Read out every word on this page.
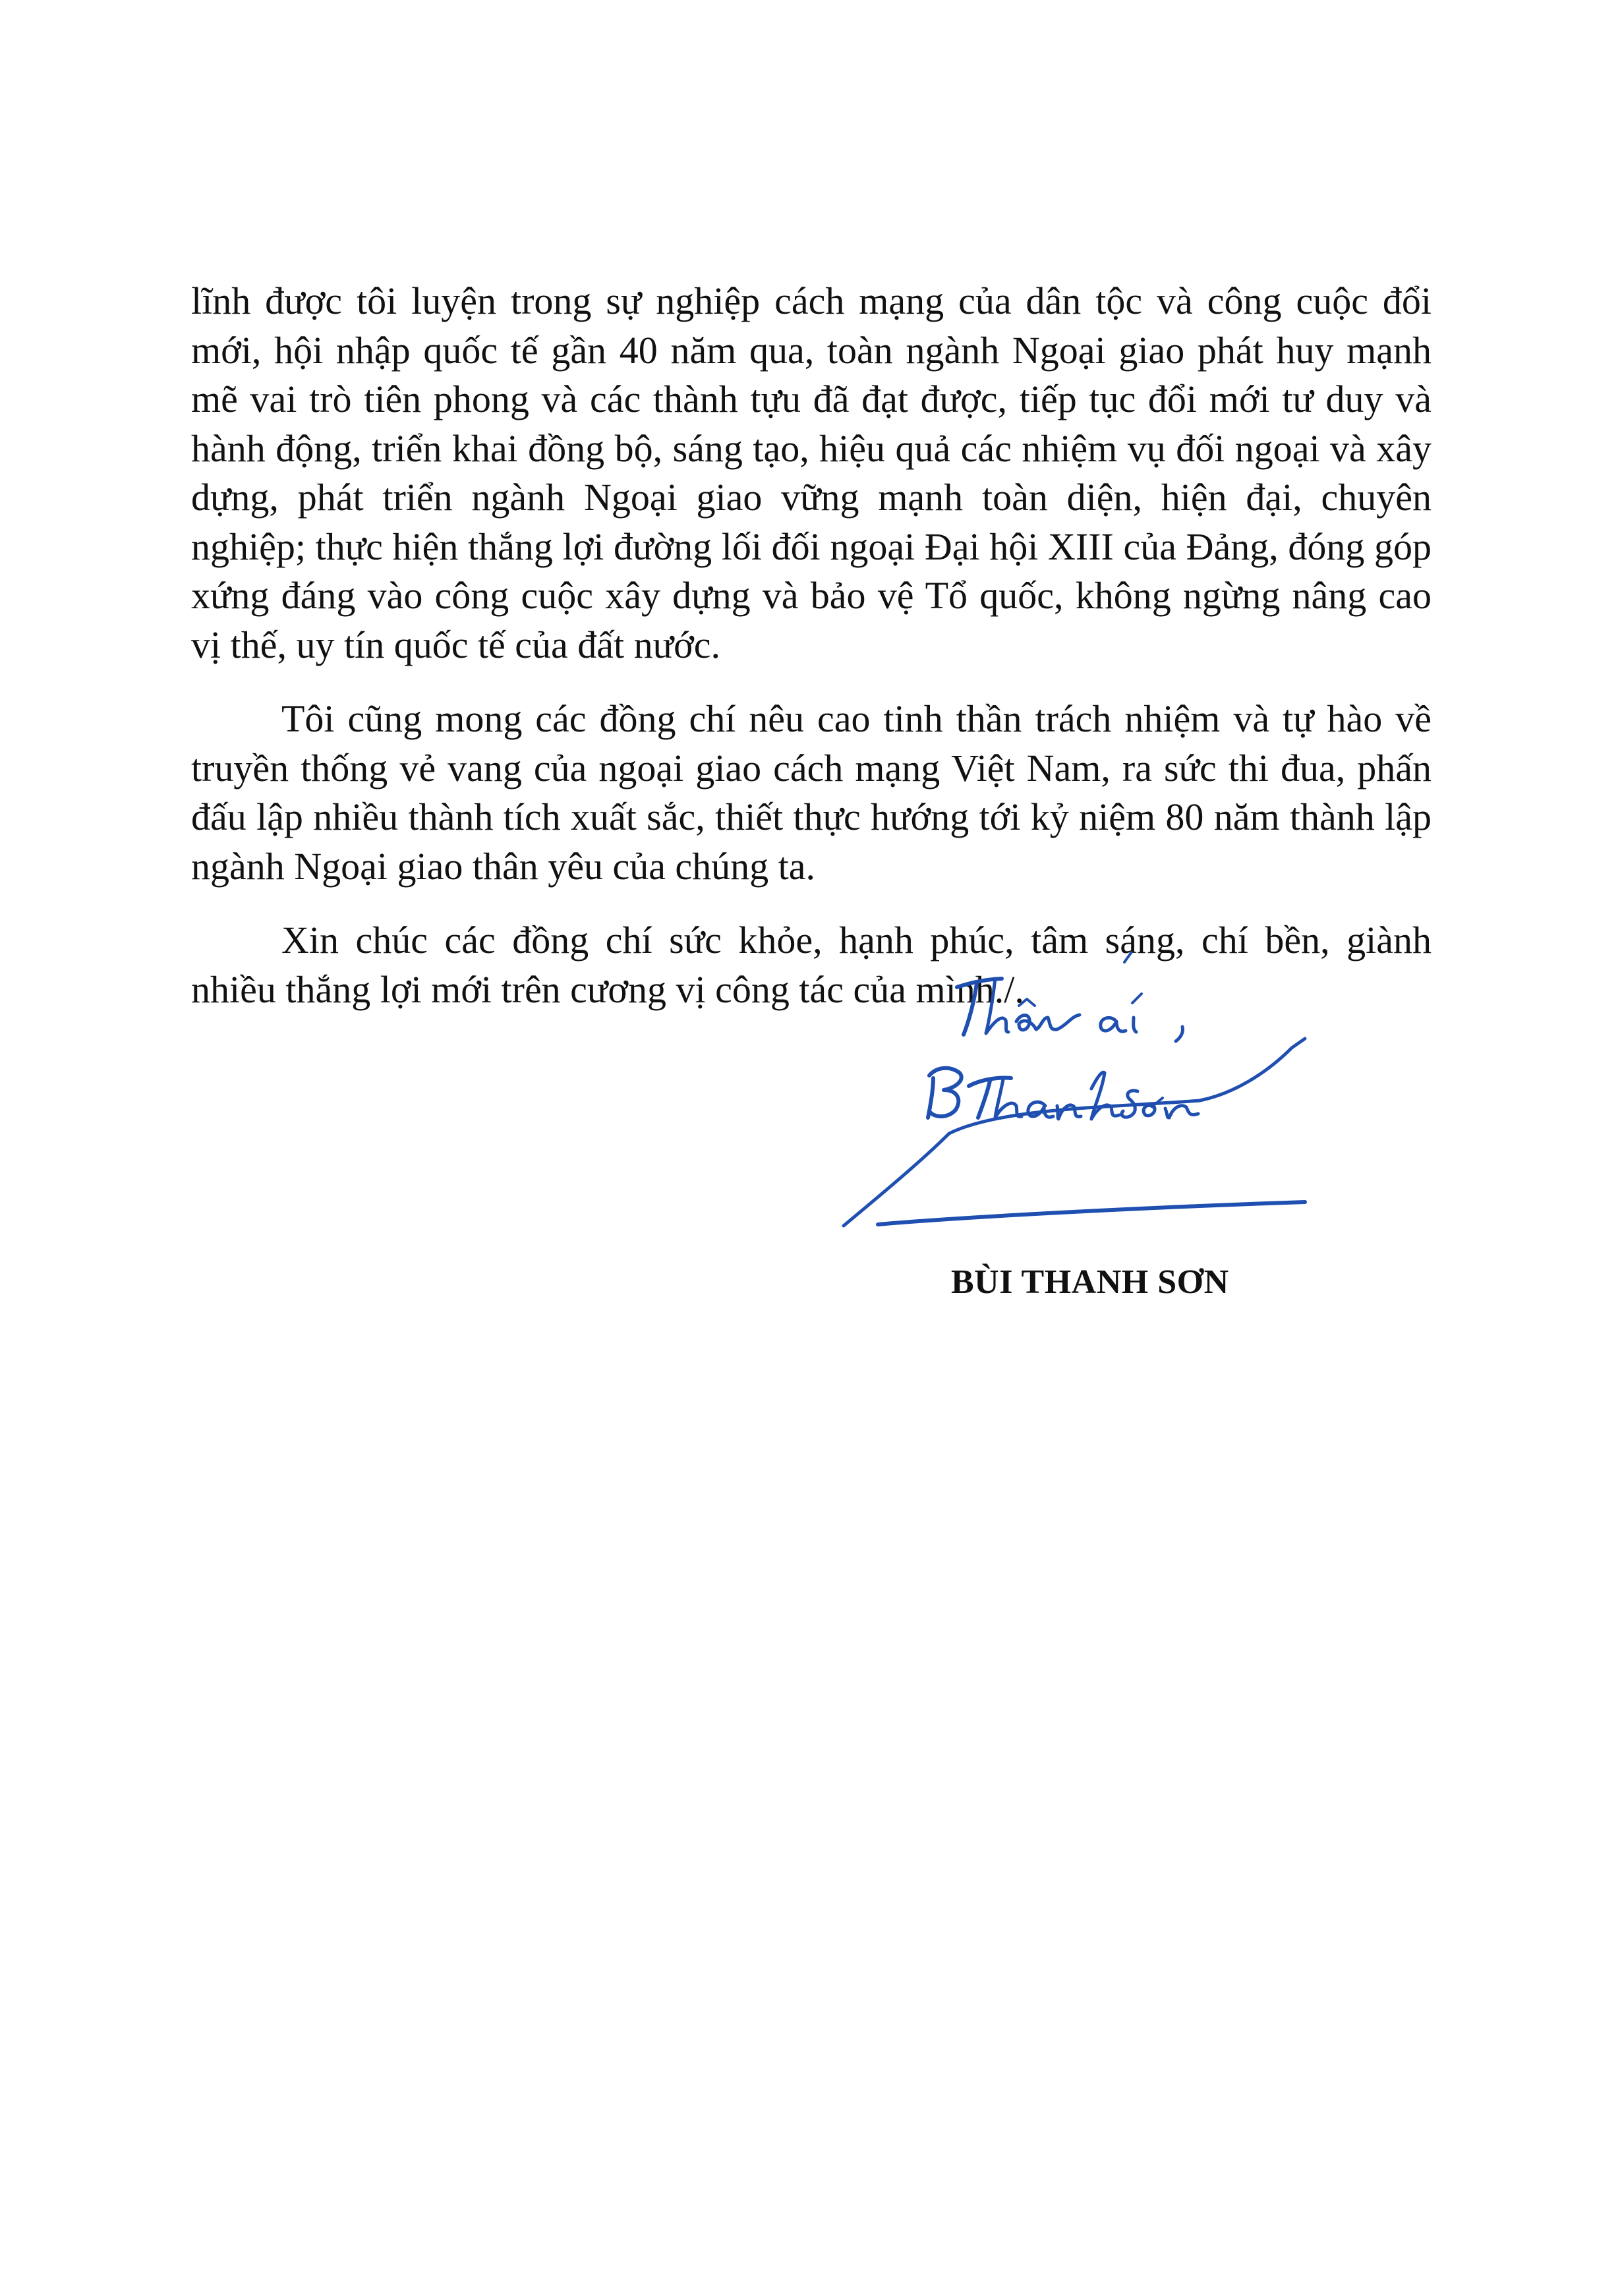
lĩnh được tôi luyện trong sự nghiệp cách mạng của dân tộc và công cuộc đổi mới, hội nhập quốc tế gần 40 năm qua, toàn ngành Ngoại giao phát huy mạnh mẽ vai trò tiên phong và các thành tựu đã đạt được, tiếp tục đổi mới tư duy và hành động, triển khai đồng bộ, sáng tạo, hiệu quả các nhiệm vụ đối ngoại và xây dựng, phát triển ngành Ngoại giao vững mạnh toàn diện, hiện đại, chuyên nghiệp; thực hiện thắng lợi đường lối đối ngoại Đại hội XIII của Đảng, đóng góp xứng đáng vào công cuộc xây dựng và bảo vệ Tổ quốc, không ngừng nâng cao vị thế, uy tín quốc tế của đất nước.

Tôi cũng mong các đồng chí nêu cao tinh thần trách nhiệm và tự hào về truyền thống vẻ vang của ngoại giao cách mạng Việt Nam, ra sức thi đua, phấn đấu lập nhiều thành tích xuất sắc, thiết thực hướng tới kỷ niệm 80 năm thành lập ngành Ngoại giao thân yêu của chúng ta.

Xin chúc các đồng chí sức khỏe, hạnh phúc, tâm sáng, chí bền, giành nhiều thắng lợi mới trên cương vị công tác của mình./.

BÙI THANH SƠN
